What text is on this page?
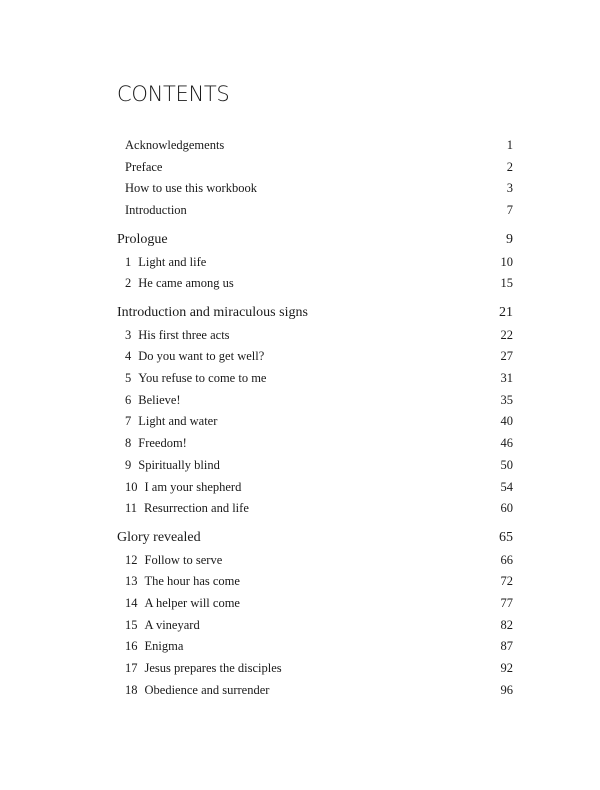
CONTENTS
Acknowledgements	1
Preface	2
How to use this workbook	3
Introduction	7
Prologue	9
1 Light and life	10
2 He came among us	15
Introduction and miraculous signs	21
3 His first three acts	22
4 Do you want to get well?	27
5 You refuse to come to me	31
6 Believe!	35
7 Light and water	40
8 Freedom!	46
9 Spiritually blind	50
10 I am your shepherd	54
11 Resurrection and life	60
Glory revealed	65
12 Follow to serve	66
13 The hour has come	72
14 A helper will come	77
15 A vineyard	82
16 Enigma	87
17 Jesus prepares the disciples	92
18 Obedience and surrender	96
